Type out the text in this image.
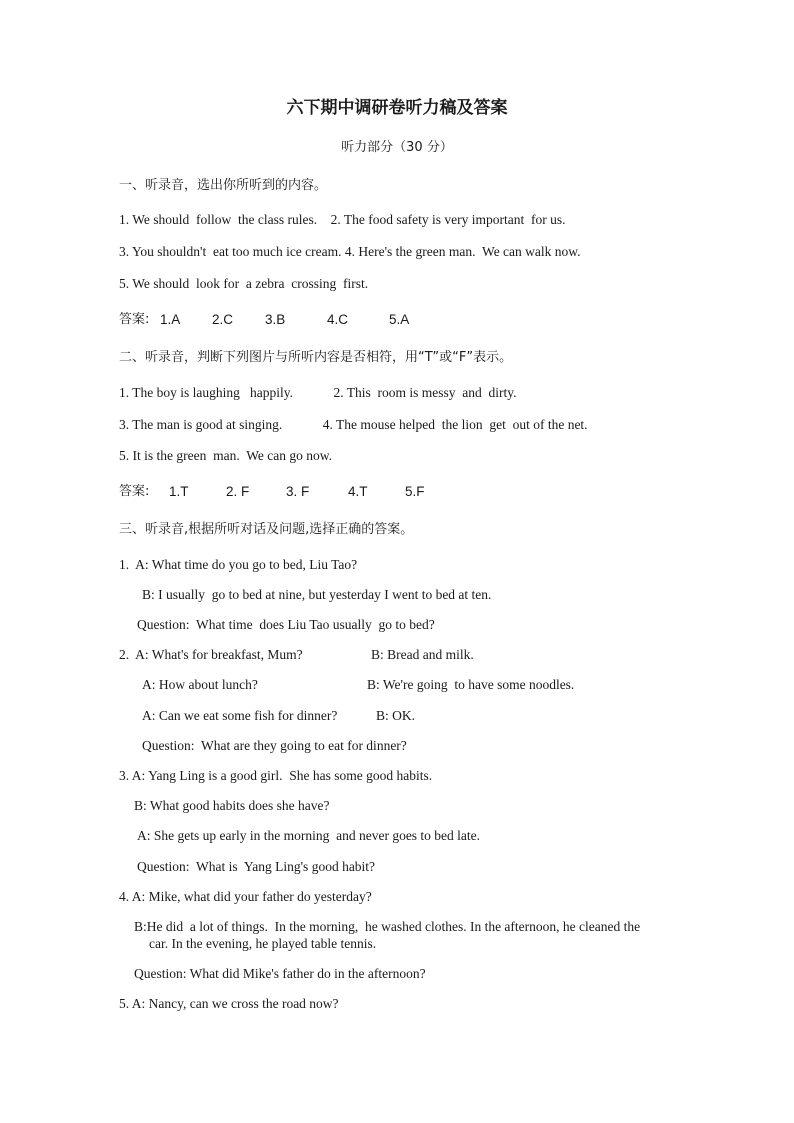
六下期中调研卷听力稿及答案
听力部分（30 分）
一、听录音，选出你所听到的内容。
1. We should  follow  the class rules.    2. The food safety is very important  for us.
3. You shouldn't  eat too much ice cream. 4. Here's the green man.  We can walk now.
5. We should  look for  a zebra  crossing  first.

答案:

1.A

2.C

3.B

	4.C

	5.A

二、听录音，判断下列图片与所听内容是否相符，用“T”或“F”表示。
1. The boy is laughing   happily.            2. This  room is messy  and  dirty.
3. The man is good at singing.            4. The mouse helped  the lion  get  out of the net.
5. It is the green  man.  We can go now.

答案:

1.T

	2. F

	3. F

	4.T

	5.F

三、听录音,根据所听对话及问题,选择正确的答案。
1.  A: What time do you go to bed, Liu Tao?
B: I usually  go to bed at nine, but yesterday I went to bed at ten.
Question:  What time  does Liu Tao usually  go to bed?
2.  A: What's for breakfast, Mum?	B: Bread and milk.
A: How about lunch?	B: We're going  to have some noodles.
A: Can we eat some fish for dinner?	B: OK.
Question:  What are they going to eat for dinner?
3. A: Yang Ling is a good girl.  She has some good habits.
B: What good habits does she have?
A: She gets up early in the morning  and never goes to bed late.
Question:  What is  Yang Ling's good habit?
4. A: Mike, what did your father do yesterday?
B:He did  a lot of things.  In the morning,  he washed clothes. In the afternoon, he cleaned the
car. In the evening, he played table tennis.
Question: What did Mike's father do in the afternoon?
5. A: Nancy, can we cross the road now?
